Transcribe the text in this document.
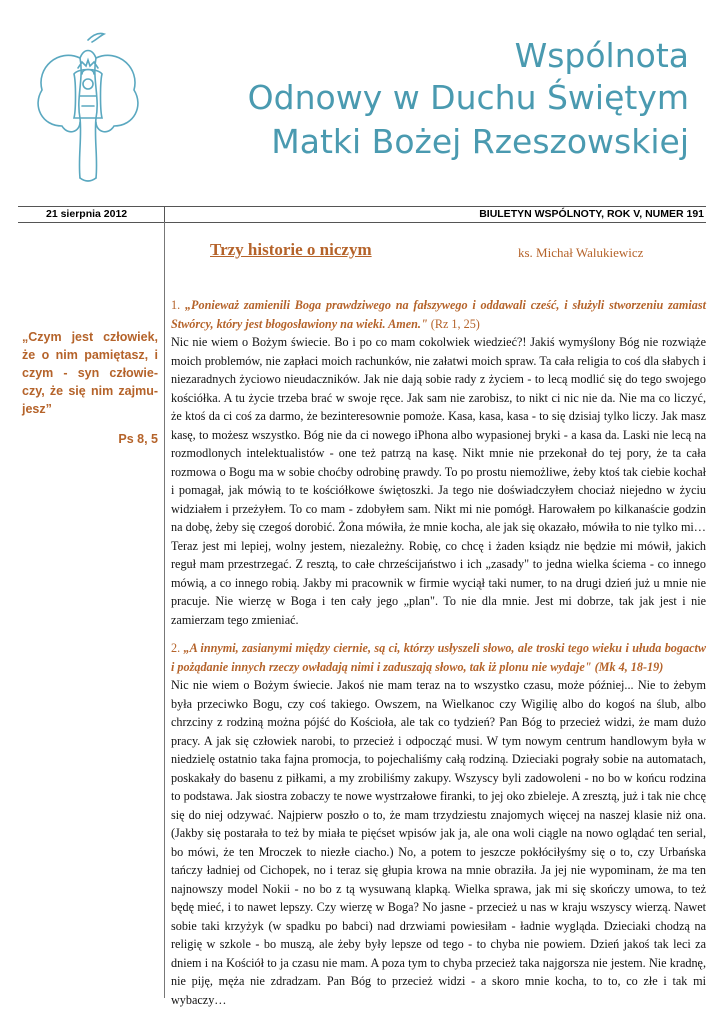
Wspólnota
Odnowy w Duchu Świętym
Matki Bożej Rzeszowskiej
21 sierpnia 2012	BIULETYN WSPÓLNOTY, ROK V, NUMER 191
„Czym jest człowiek, że o nim pamiętasz, i czym - syn człowie-czy, że się nim zajmu-jesz”
Ps 8, 5
Trzy historie o niczym	ks. Michał Walukiewicz

1. „Ponieważ zamienili Boga prawdziwego na fałszywego i oddawali cześć, i służyli stworzeniu zamiast Stwórcy, który jest błogosławiony na wieki. Amen." (Rz 1, 25)

Nic nie wiem o Bożym świecie. Bo i po co mam cokolwiek wiedzieć?! Jakiś wymyślony Bóg nie rozwiąże moich problemów, nie zapłaci moich rachunków, nie załatwi moich spraw. Ta cała religia to coś dla słabych i niezaradnych życiowo nieudaczników. Jak nie dają sobie rady z życiem - to lecą modlić się do tego swojego kościółka. A tu życie trzeba brać w swoje ręce. Jak sam nie zarobisz, to nikt ci nic nie da. Nie ma co liczyć, że ktoś da ci coś za darmo, że bezinteresownie pomoże. Kasa, kasa, kasa - to się dzisiaj tylko liczy. Jak masz kasę, to możesz wszystko. Bóg nie da ci nowego iPhona albo wypasionej bryki - a kasa da. Laski nie lecą na rozmodlonych intelektualistów - one też patrzą na kasę. Nikt mnie nie przekonał do tej pory, że ta cała rozmowa o Bogu ma w sobie choćby odrobinę prawdy. To po prostu niemożliwe, żeby ktoś tak ciebie kochał i pomagał, jak mówią to te kościółkowe świętoszki. Ja tego nie doświadczyłem chociaż niejedno w życiu widziałem i przeżyłem. To co mam - zdobyłem sam. Nikt mi nie pomógł. Harowałem po kilkanaście godzin na dobę, żeby się czegoś dorobić. Żona mówiła, że mnie kocha, ale jak się okazało, mówiła to nie tylko mi… Teraz jest mi lepiej, wolny jestem, niezależny. Robię, co chcę i żaden ksiądz nie będzie mi mówił, jakich reguł mam przestrzegać. Z resztą, to całe chrześcijaństwo i ich „zasady" to jedna wielka ściema - co innego mówią, a co innego robią. Jakby mi pracownik w firmie wyciął taki numer, to na drugi dzień już u mnie nie pracuje. Nie wierzę w Boga i ten cały jego „plan". To nie dla mnie. Jest mi dobrze, tak jak jest i nie zamierzam tego zmieniać.

2. „A innymi, zasianymi między ciernie, są ci, którzy usłyszeli słowo, ale troski tego wieku i ułuda bogactw i pożądanie innych rzeczy owładają nimi i zaduszają słowo, tak iż plonu nie wydaje" (Mk 4, 18-19)

Nic nie wiem o Bożym świecie. Jakoś nie mam teraz na to wszystko czasu, może później... Nie to żebym była przeciwko Bogu, czy coś takiego. Owszem, na Wielkanoc czy Wigilię albo do kogoś na ślub, albo chrzciny z rodziną można pójść do Kościoła, ale tak co tydzień? Pan Bóg to przecież widzi, że mam dużo pracy. A jak się człowiek narobi, to przecież i odpocząć musi. W tym nowym centrum handlowym była w niedzielę ostatnio taka fajna promocja, to pojechaliśmy całą rodziną. Dzieciaki pograły sobie na automatach, poskakały do basenu z piłkami, a my zrobiliśmy zakupy. Wszyscy byli zadowoleni - no bo w końcu rodzina to podstawa. Jak siostra zobaczy te nowe wystrzałowe firanki, to jej oko zbieleje. A zresztą, już i tak nie chcę się do niej odzywać. Najpierw poszło o to, że mam trzydziestu znajomych więcej na naszej klasie niż ona. (Jakby się postarała to też by miała te pięćset wpisów jak ja, ale ona woli ciągle na nowo oglądać ten serial, bo mówi, że ten Mroczek to niezłe ciacho.) No, a potem to jeszcze pokłóciłyśmy się o to, czy Urbańska tańczy ładniej od Cichopek, no i teraz się głupia krowa na mnie obraziła. Ja jej nie wypominam, że ma ten najnowszy model Nokii - no bo z tą wysuwaną klapką. Wielka sprawa, jak mi się skończy umowa, to też będę mieć, i to nawet lepszy. Czy wierzę w Boga? No jasne - przecież u nas w kraju wszyscy wierzą. Nawet sobie taki krzyżyk (w spadku po babci) nad drzwiami powiesiłam - ładnie wygląda. Dzieciaki chodzą na religię w szkole - bo muszą, ale żeby były lepsze od tego - to chyba nie powiem. Dzień jakoś tak leci za dniem i na Kościół to ja czasu nie mam. A poza tym to chyba przecież taka najgorsza nie jestem. Nie kradnę, nie piję, męża nie zdradzam. Pan Bóg to przecież widzi - a skoro mnie kocha, to to, co złe i tak mi wybaczy…
